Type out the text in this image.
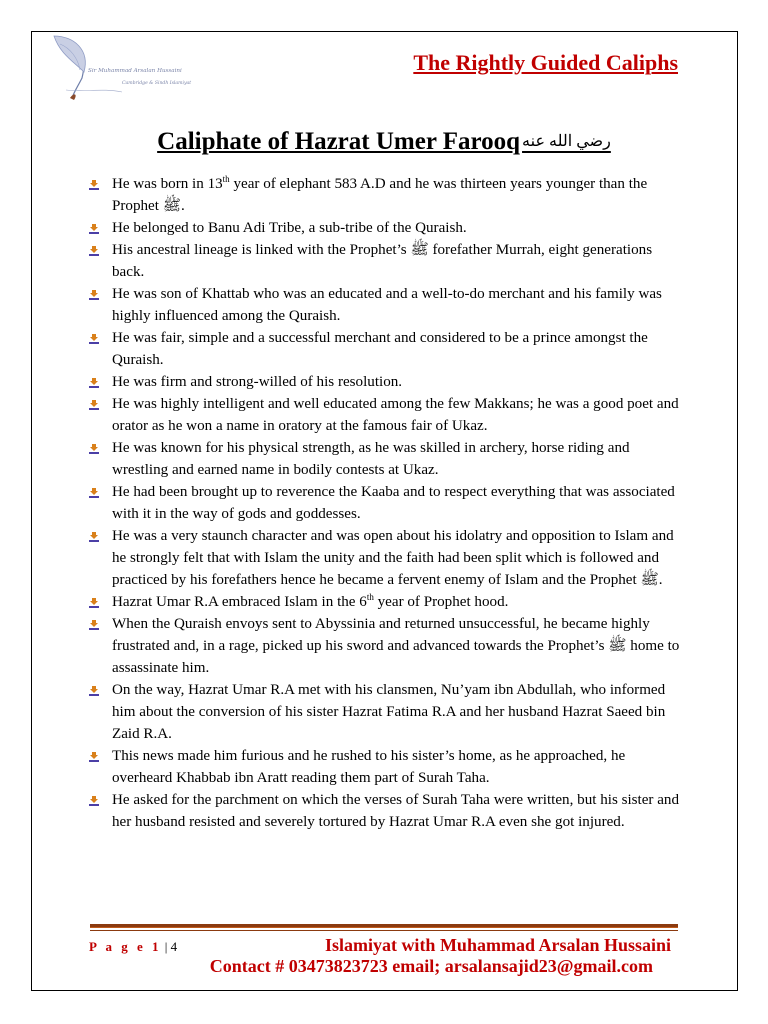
Sir Muhammad Arsalan Hussaini
Cambridge & Sindh Islamiyat
The Rightly Guided Caliphs
Caliphate of Hazrat Umer Farooq رضي الله عنه
He was born in 13th year of elephant 583 A.D and he was thirteen years younger than the Prophet ﷺ.
He belonged to Banu Adi Tribe, a sub-tribe of the Quraish.
His ancestral lineage is linked with the Prophet’s ﷺ forefather Murrah, eight generations back.
He was son of Khattab who was an educated and a well-to-do merchant and his family was highly influenced among the Quraish.
He was fair, simple and a successful merchant and considered to be a prince amongst the Quraish.
He was firm and strong-willed of his resolution.
He was highly intelligent and well educated among the few Makkans; he was a good poet and orator as he won a name in oratory at the famous fair of Ukaz.
He was known for his physical strength, as he was skilled in archery, horse riding and wrestling and earned name in bodily contests at Ukaz.
He had been brought up to reverence the Kaaba and to respect everything that was associated with it in the way of gods and goddesses.
He was a very staunch character and was open about his idolatry and opposition to Islam and he strongly felt that with Islam the unity and the faith had been split which is followed and practiced by his forefathers hence he became a fervent enemy of Islam and the Prophet ﷺ.
Hazrat Umar R.A embraced Islam in the 6th year of Prophet hood.
When the Quraish envoys sent to Abyssinia and returned unsuccessful, he became highly frustrated and, in a rage, picked up his sword and advanced towards the Prophet’s ﷺ home to assassinate him.
On the way, Hazrat Umar R.A met with his clansmen, Nu’yam ibn Abdullah, who informed him about the conversion of his sister Hazrat Fatima R.A and her husband Hazrat Saeed bin Zaid R.A.
This news made him furious and he rushed to his sister’s home, as he approached, he overheard Khabbab ibn Aratt reading them part of Surah Taha.
He asked for the parchment on which the verses of Surah Taha were written, but his sister and her husband resisted and severely tortured by Hazrat Umar R.A even she got injured.
P a g e 1 | 4	Islamiyat with Muhammad Arsalan Hussaini
Contact # 03473823723 email; arsalansajid23@gmail.com
